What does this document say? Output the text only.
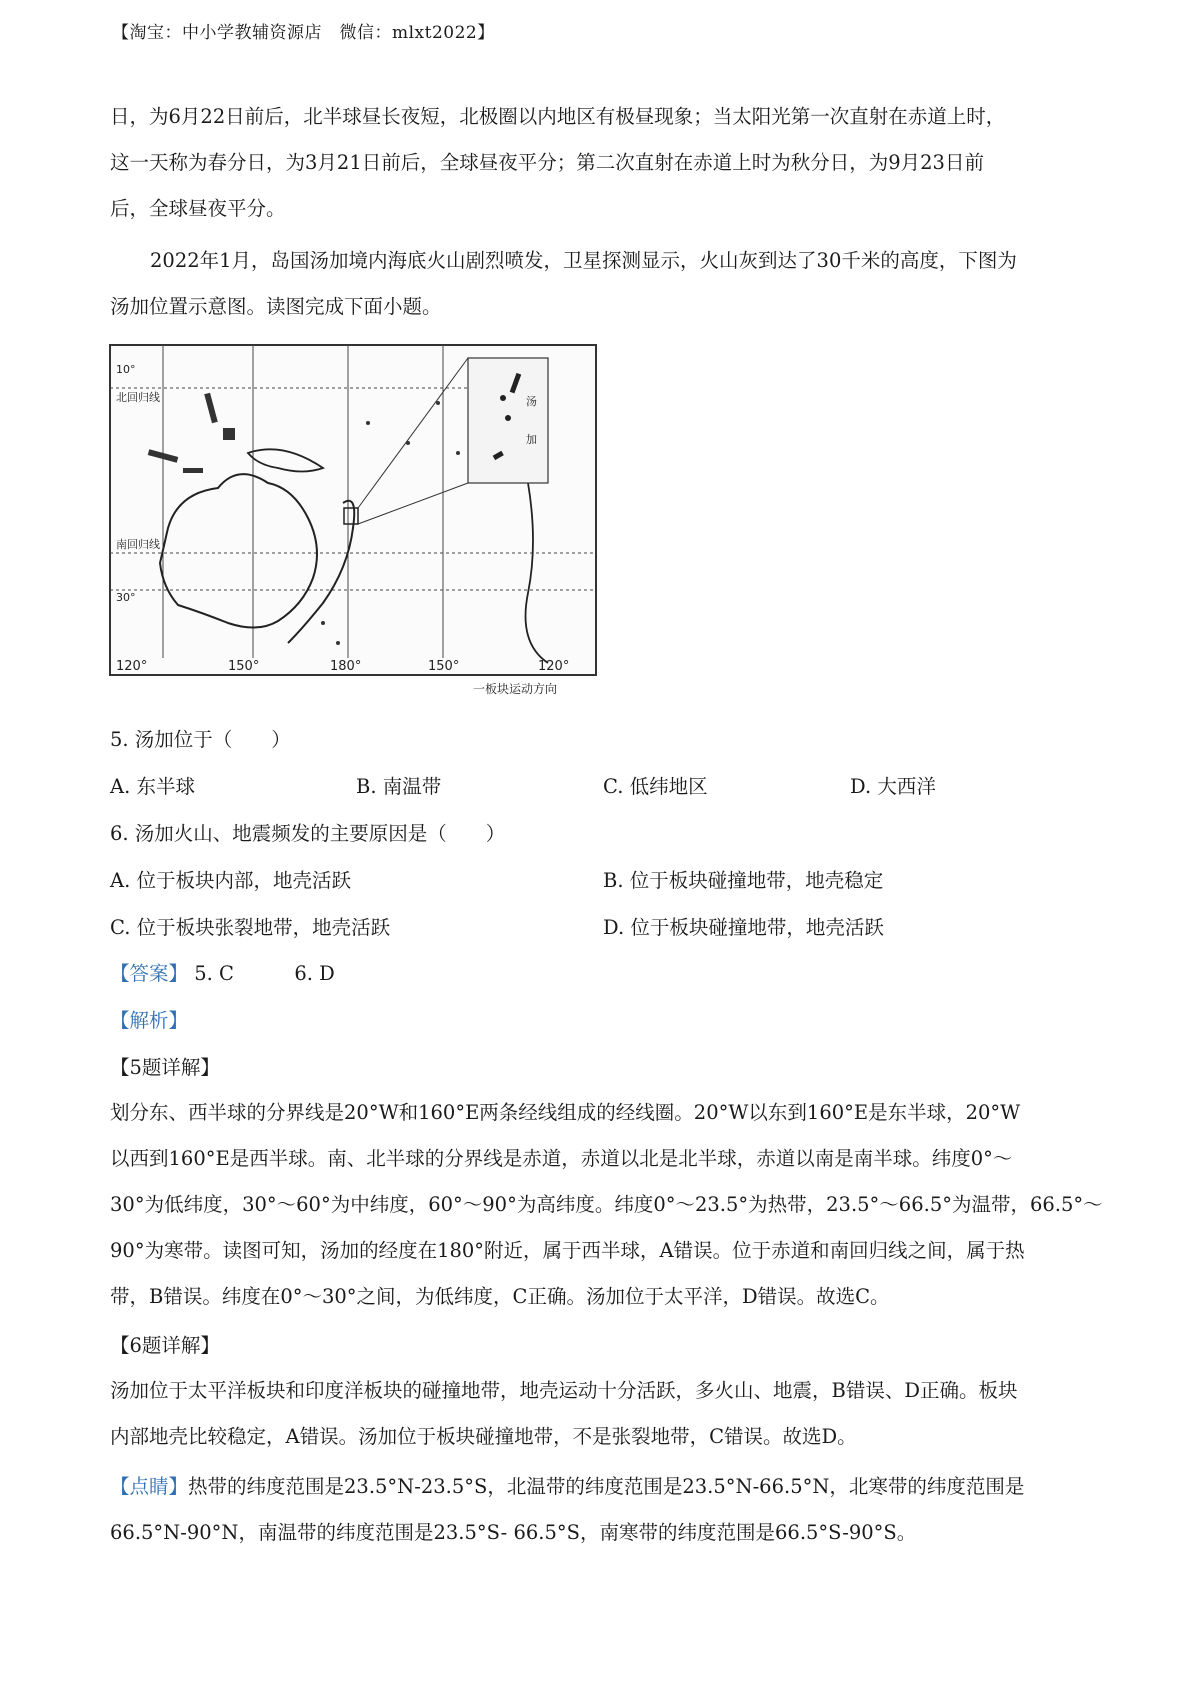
【淘宝：中小学教辅资源店　微信：mlxt2022】
日，为6月22日前后，北半球昼长夜短，北极圈以内地区有极昼现象；当太阳光第一次直射在赤道上时，
这一天称为春分日，为3月21日前后，全球昼夜平分；第二次直射在赤道上时为秋分日，为9月23日前
后，全球昼夜平分。
2022年1月，岛国汤加境内海底火山剧烈喷发，卫星探测显示，火山灰到达了30千米的高度，下图为
汤加位置示意图。读图完成下面小题。
10°
北回归线
南回归线
30°
汤
加
120°	150°	180°	150°	120°
一板块运动方向
5. 汤加位于（　　）
A. 东半球	B. 南温带	C. 低纬地区	D. 大西洋
6. 汤加火山、地震频发的主要原因是（　　）
A. 位于板块内部，地壳活跃	B. 位于板块碰撞地带，地壳稳定
C. 位于板块张裂地带，地壳活跃	D. 位于板块碰撞地带，地壳活跃
【答案】 5. C	6. D
【解析】
【5题详解】
划分东、西半球的分界线是20°W和160°E两条经线组成的经线圈。20°W以东到160°E是东半球，20°W
以西到160°E是西半球。南、北半球的分界线是赤道，赤道以北是北半球，赤道以南是南半球。纬度0°～
30°为低纬度，30°～60°为中纬度，60°～90°为高纬度。纬度0°～23.5°为热带，23.5°～66.5°为温带，66.5°～
90°为寒带。读图可知，汤加的经度在180°附近，属于西半球，A错误。位于赤道和南回归线之间，属于热
带，B错误。纬度在0°～30°之间，为低纬度，C正确。汤加位于太平洋，D错误。故选C。
【6题详解】
汤加位于太平洋板块和印度洋板块的碰撞地带，地壳运动十分活跃，多火山、地震，B错误、D正确。板块
内部地壳比较稳定，A错误。汤加位于板块碰撞地带，不是张裂地带，C错误。故选D。
【点睛】热带的纬度范围是23.5°N-23.5°S，北温带的纬度范围是23.5°N-66.5°N，北寒带的纬度范围是
66.5°N-90°N，南温带的纬度范围是23.5°S- 66.5°S，南寒带的纬度范围是66.5°S-90°S。
